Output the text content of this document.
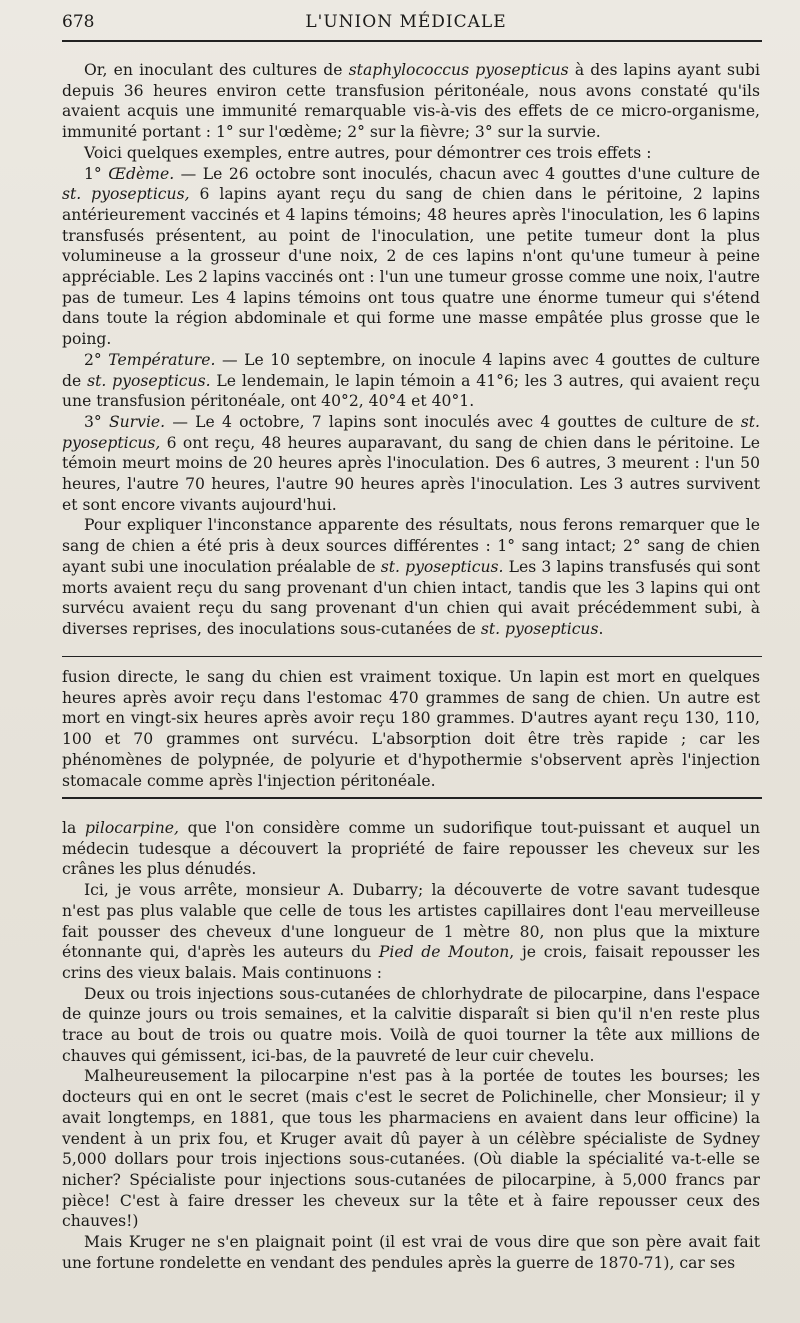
678	L'UNION MÉDICALE

Or, en inoculant des cultures de staphylococcus pyosepticus à des lapins ayant subi depuis 36 heures environ cette transfusion péritonéale, nous avons constaté qu'ils avaient acquis une immunité remarquable vis-à-vis des effets de ce micro-organisme, immunité portant : 1° sur l'œdème; 2° sur la fièvre; 3° sur la survie.

Voici quelques exemples, entre autres, pour démontrer ces trois effets :

1° Œdème. — Le 26 octobre sont inoculés, chacun avec 4 gouttes d'une culture de st. pyosepticus, 6 lapins ayant reçu du sang de chien dans le péritoine, 2 lapins antérieurement vaccinés et 4 lapins témoins; 48 heures après l'inoculation, les 6 lapins transfusés présentent, au point de l'inoculation, une petite tumeur dont la plus volumineuse a la grosseur d'une noix, 2 de ces lapins n'ont qu'une tumeur à peine appréciable. Les 2 lapins vaccinés ont : l'un une tumeur grosse comme une noix, l'autre pas de tumeur. Les 4 lapins témoins ont tous quatre une énorme tumeur qui s'étend dans toute la région abdominale et qui forme une masse empâtée plus grosse que le poing.

2° Température. — Le 10 septembre, on inocule 4 lapins avec 4 gouttes de culture de st. pyosepticus. Le lendemain, le lapin témoin a 41°6; les 3 autres, qui avaient reçu une transfusion péritonéale, ont 40°2, 40°4 et 40°1.

3° Survie. — Le 4 octobre, 7 lapins sont inoculés avec 4 gouttes de culture de st. pyosepticus, 6 ont reçu, 48 heures auparavant, du sang de chien dans le péritoine. Le témoin meurt moins de 20 heures après l'inoculation. Des 6 autres, 3 meurent : l'un 50 heures, l'autre 70 heures, l'autre 90 heures après l'inoculation. Les 3 autres survivent et sont encore vivants aujourd'hui.

Pour expliquer l'inconstance apparente des résultats, nous ferons remarquer que le sang de chien a été pris à deux sources différentes : 1° sang intact; 2° sang de chien ayant subi une inoculation préalable de st. pyosepticus. Les 3 lapins transfusés qui sont morts avaient reçu du sang provenant d'un chien intact, tandis que les 3 lapins qui ont survécu avaient reçu du sang provenant d'un chien qui avait précédemment subi, à diverses reprises, des inoculations sous-cutanées de st. pyosepticus.

fusion directe, le sang du chien est vraiment toxique. Un lapin est mort en quelques heures après avoir reçu dans l'estomac 470 grammes de sang de chien. Un autre est mort en vingt-six heures après avoir reçu 180 grammes. D'autres ayant reçu 130, 110, 100 et 70 grammes ont survécu. L'absorption doit être très rapide ; car les phénomènes de polypnée, de polyurie et d'hypothermie s'observent après l'injection stomacale comme après l'injection péritonéale.

la pilocarpine, que l'on considère comme un sudorifique tout-puissant et auquel un médecin tudesque a découvert la propriété de faire repousser les cheveux sur les crânes les plus dénudés.

Ici, je vous arrête, monsieur A. Dubarry; la découverte de votre savant tudesque n'est pas plus valable que celle de tous les artistes capillaires dont l'eau merveilleuse fait pousser des cheveux d'une longueur de 1 mètre 80, non plus que la mixture étonnante qui, d'après les auteurs du Pied de Mouton, je crois, faisait repousser les crins des vieux balais. Mais continuons :

Deux ou trois injections sous-cutanées de chlorhydrate de pilocarpine, dans l'espace de quinze jours ou trois semaines, et la calvitie disparaît si bien qu'il n'en reste plus trace au bout de trois ou quatre mois. Voilà de quoi tourner la tête aux millions de chauves qui gémissent, ici-bas, de la pauvreté de leur cuir chevelu.

Malheureusement la pilocarpine n'est pas à la portée de toutes les bourses; les docteurs qui en ont le secret (mais c'est le secret de Polichinelle, cher Monsieur; il y avait longtemps, en 1881, que tous les pharmaciens en avaient dans leur officine) la vendent à un prix fou, et Kruger avait dû payer à un célèbre spécialiste de Sydney 5,000 dollars pour trois injections sous-cutanées. (Où diable la spécialité va-t-elle se nicher? Spécialiste pour injections sous-cutanées de pilocarpine, à 5,000 francs par pièce! C'est à faire dresser les cheveux sur la tête et à faire repousser ceux des chauves!)

Mais Kruger ne s'en plaignait point (il est vrai de vous dire que son père avait fait une fortune rondelette en vendant des pendules après la guerre de 1870-71), car ses
